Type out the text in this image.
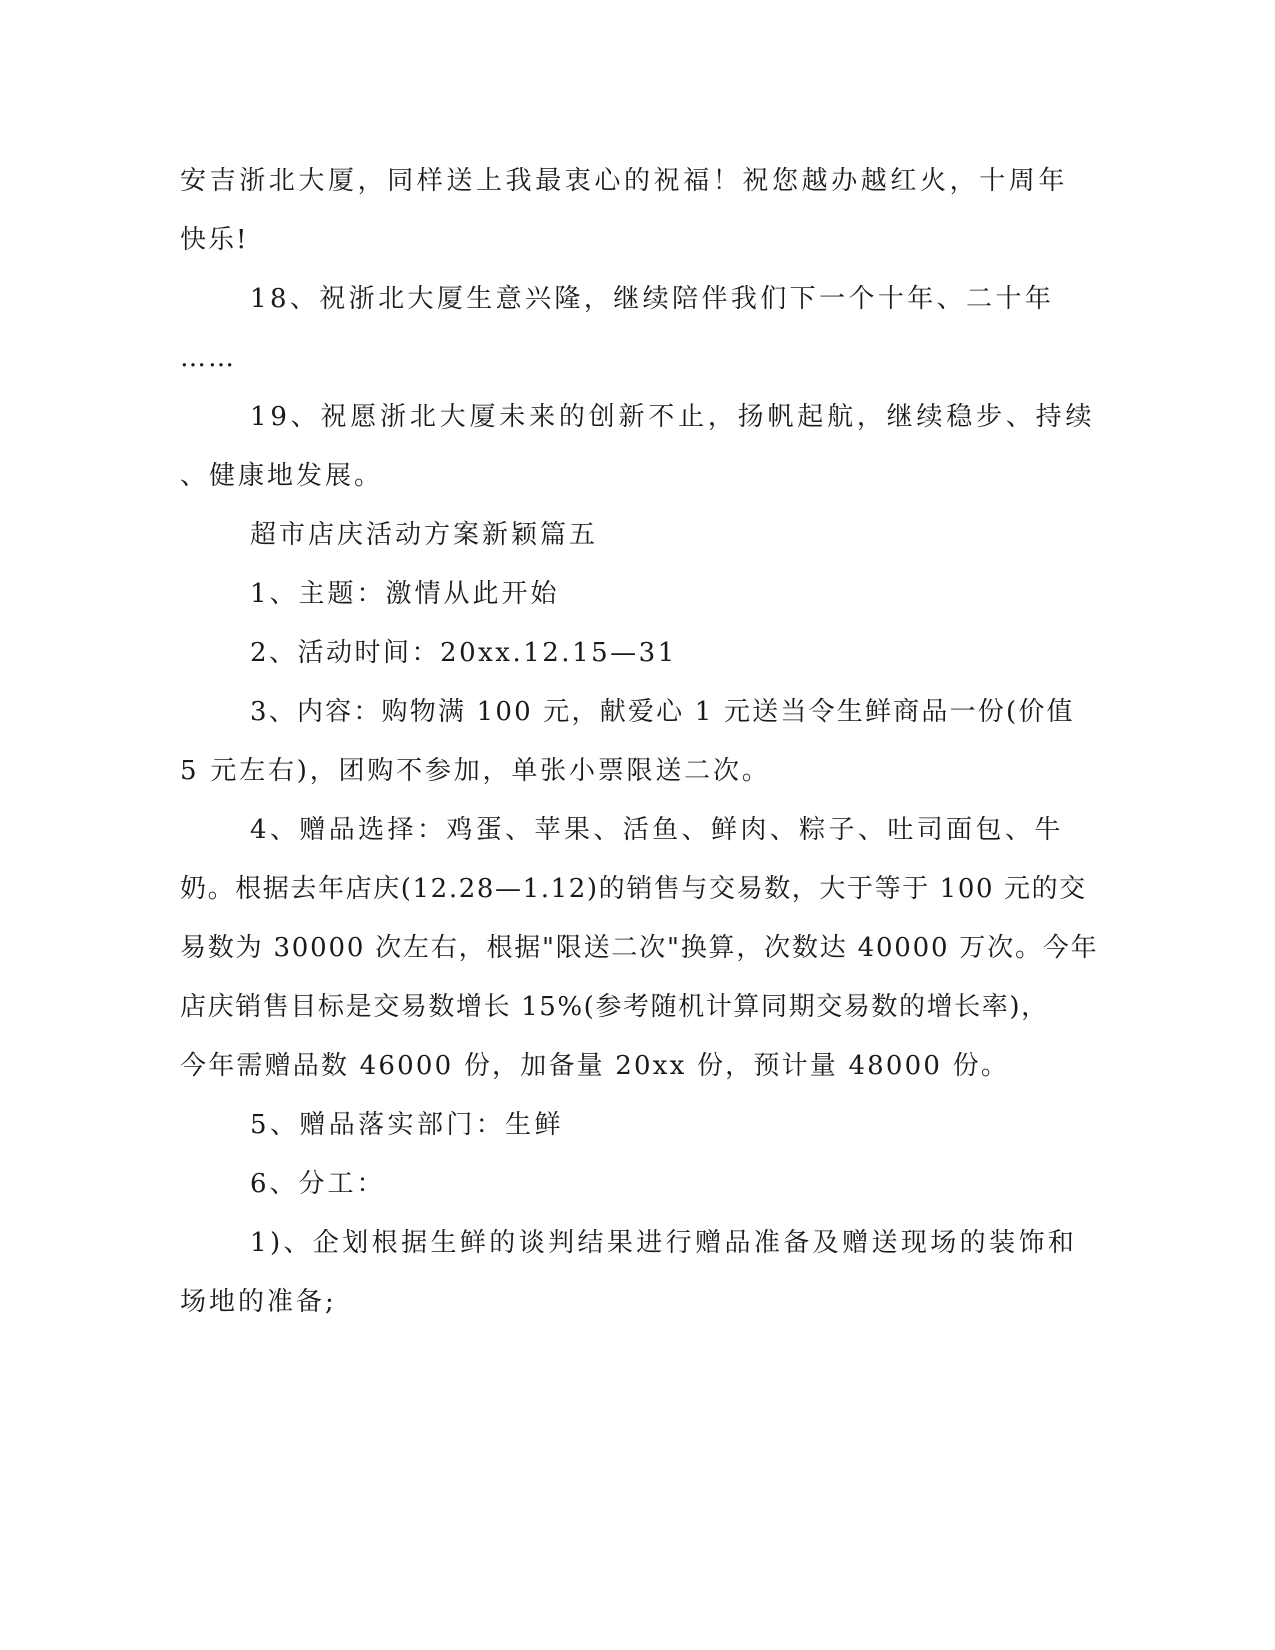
安吉浙北大厦，同样送上我最衷心的祝福！祝您越办越红火，十周年
快乐!
18、祝浙北大厦生意兴隆，继续陪伴我们下一个十年、二十年
……
19、祝愿浙北大厦未来的创新不止，扬帆起航，继续稳步、持续
、健康地发展。
超市店庆活动方案新颖篇五
1、主题：激情从此开始
2、活动时间：20xx.12.15—31
3、内容：购物满 100 元，献爱心 1 元送当令生鲜商品一份(价值
5 元左右)，团购不参加，单张小票限送二次。
4、赠品选择：鸡蛋、苹果、活鱼、鲜肉、粽子、吐司面包、牛
奶。根据去年店庆(12.28—1.12)的销售与交易数，大于等于 100 元的交
易数为 30000 次左右，根据"限送二次"换算，次数达 40000 万次。今年
店庆销售目标是交易数增长 15%(参考随机计算同期交易数的增长率)，
今年需赠品数 46000 份，加备量 20xx 份，预计量 48000 份。
5、赠品落实部门：生鲜
6、分工：
1)、企划根据生鲜的谈判结果进行赠品准备及赠送现场的装饰和
场地的准备;
